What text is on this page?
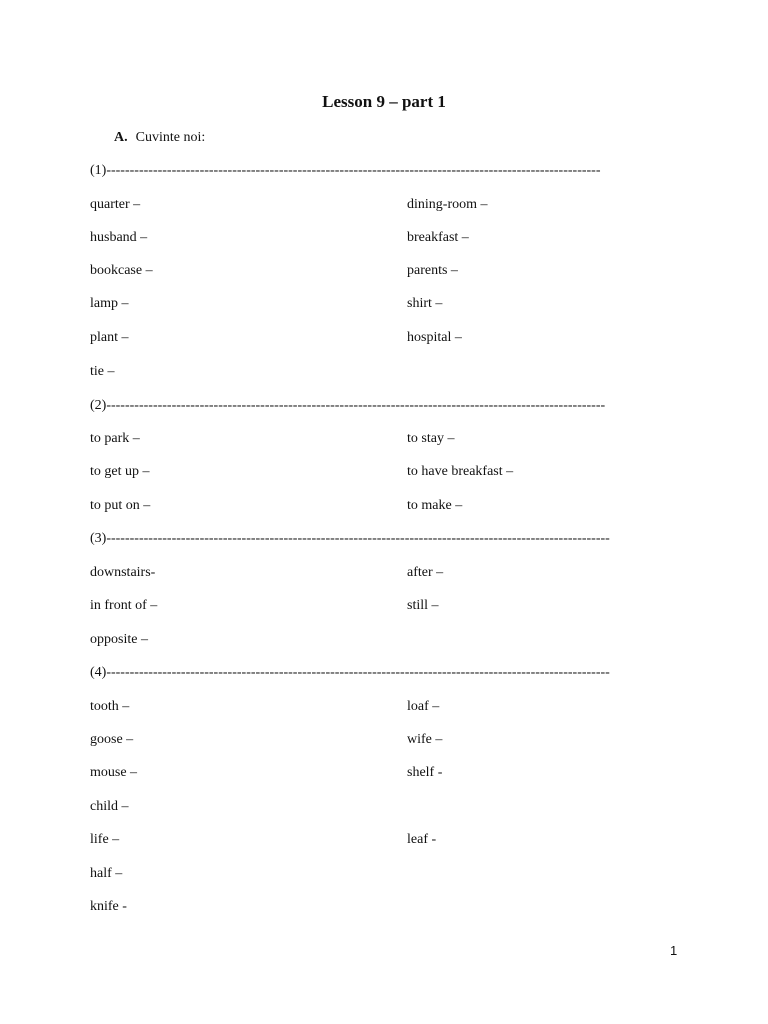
Lesson 9 – part 1
A. Cuvinte noi:
(1)----------------------------------------------------------------------------------------------------------
quarter –	dining-room –
husband –	breakfast –
bookcase –	parents –
lamp –	shirt –
plant –	hospital –
tie –
(2)-----------------------------------------------------------------------------------------------------------
to park –	to stay –
to get up –	to have breakfast –
to put on –	to make –
(3)------------------------------------------------------------------------------------------------------------
downstairs-	after –
in front of –	still –
opposite –
(4)------------------------------------------------------------------------------------------------------------
tooth –	loaf –
goose –	wife –
mouse –	shelf -
child –
life –	leaf -
half –
knife -
1
